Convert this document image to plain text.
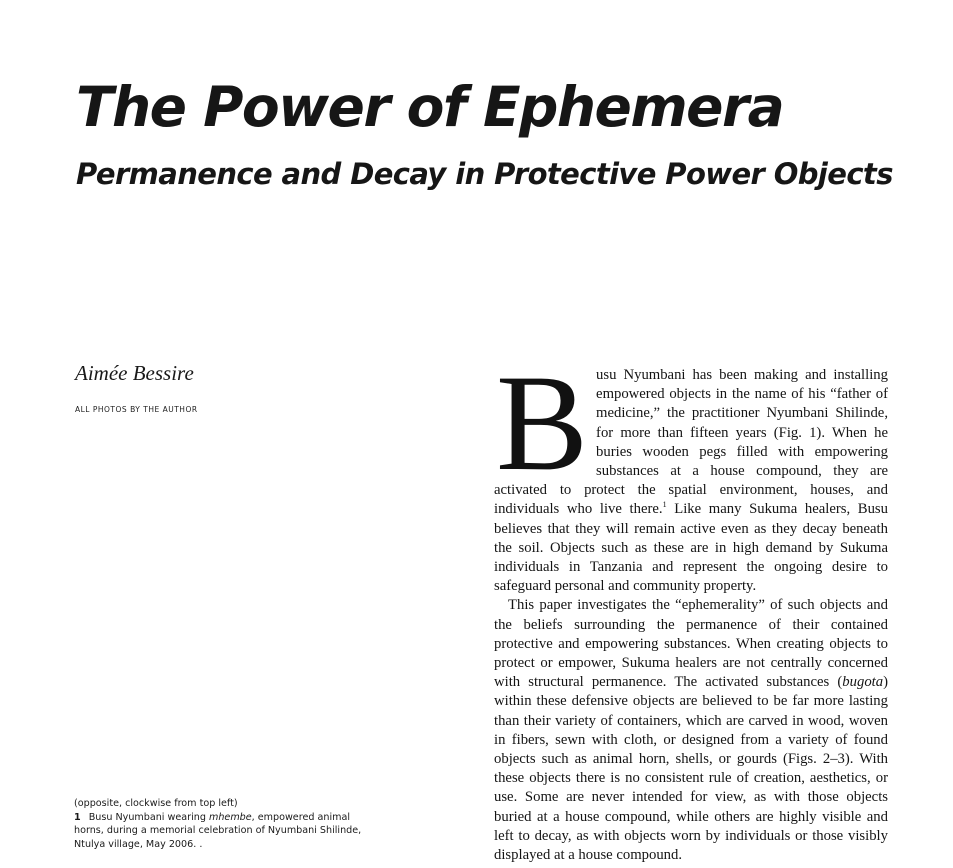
The Power of Ephemera
Permanence and Decay in Protective Power Objects
Aimée Bessire
ALL PHOTOS BY THE AUTHOR Busu Nyumbani has been making and installing empowered objects in the name of his “father of medicine,” the practitioner Nyumbani Shilinde, for more than fifteen years (Fig. 1). When he buries wooden pegs filled with empowering substances at a house compound, they are activated to protect the spatial environment, houses, and individuals who live there.$^1$ Like many Sukuma healers, Busu believes that they will remain active even as they decay beneath the soil. Objects such as these are in high demand by Sukuma individuals in Tanzania and represent the ongoing desire to safeguard personal and community property.

This paper investigates the “ephemerality” of such objects and the beliefs surrounding the permanence of their contained protective and empowering substances. When creating objects to protect or empower, Sukuma healers are not centrally concerned with structural permanence. The activated substances (bugota) within these defensive objects are believed to be far more lasting than their variety of containers, which are carved in wood, woven in fibers, sewn with cloth, or designed from a variety of found objects such as animal horn, shells, or gourds (Figs. 2–3). With these objects there is no consistent rule of creation, aesthetics, or use. Some are never intended for view, as with those objects buried at a house compound, while others are highly visible and left to decay, as with objects worn by individuals or those visibly displayed at a house compound.

(opposite, clockwise from top left)

1 Busu Nyumbani wearing mhembe, empowered animal horns, during a memorial celebration of Nyumbani Shilinde, Ntulya village, May 2006. .
